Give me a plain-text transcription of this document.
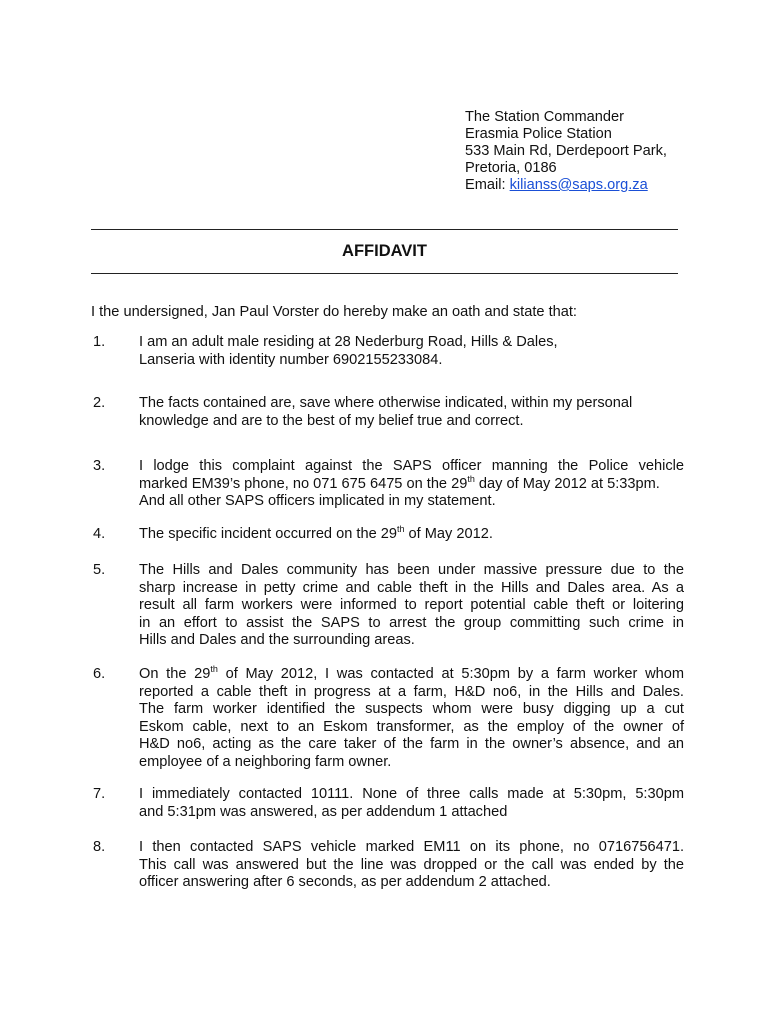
The Station Commander
Erasmia Police Station
533 Main Rd, Derdepoort Park,
Pretoria, 0186
Email: kilianss@saps.org.za
AFFIDAVIT
I the undersigned, Jan Paul Vorster do hereby make an oath and state that:
1. I am an adult male residing at 28 Nederburg Road, Hills & Dales,
Lanseria with identity number 6902155233084.
2. The facts contained are, save where otherwise indicated, within my personal
knowledge and are to the best of my belief true and correct.
3. I lodge this complaint against the SAPS officer manning the Police vehicle
marked EM39’s phone, no 071 675 6475 on the 29th day of May 2012 at 5:33pm.
And all other SAPS officers implicated in my statement.
4. The specific incident occurred on the 29th of May 2012.
5. The Hills and Dales community has been under massive pressure due to the
sharp increase in petty crime and cable theft in the Hills and Dales area. As a
result all farm workers were informed to report potential cable theft or loitering
in an effort to assist the SAPS to arrest the group committing such crime in
Hills and Dales and the surrounding areas.
6. On the 29th of May 2012, I was contacted at 5:30pm by a farm worker whom
reported a cable theft in progress at a farm, H&D no6, in the Hills and Dales.
The farm worker identified the suspects whom were busy digging up a cut
Eskom cable, next to an Eskom transformer, as the employ of the owner of
H&D no6, acting as the care taker of the farm in the owner’s absence, and an
employee of a neighboring farm owner.
7. I immediately contacted 10111. None of three calls made at 5:30pm, 5:30pm
and 5:31pm was answered, as per addendum 1 attached
8. I then contacted SAPS vehicle marked EM11 on its phone, no 0716756471.
This call was answered but the line was dropped or the call was ended by the
officer answering after 6 seconds, as per addendum 2 attached.
